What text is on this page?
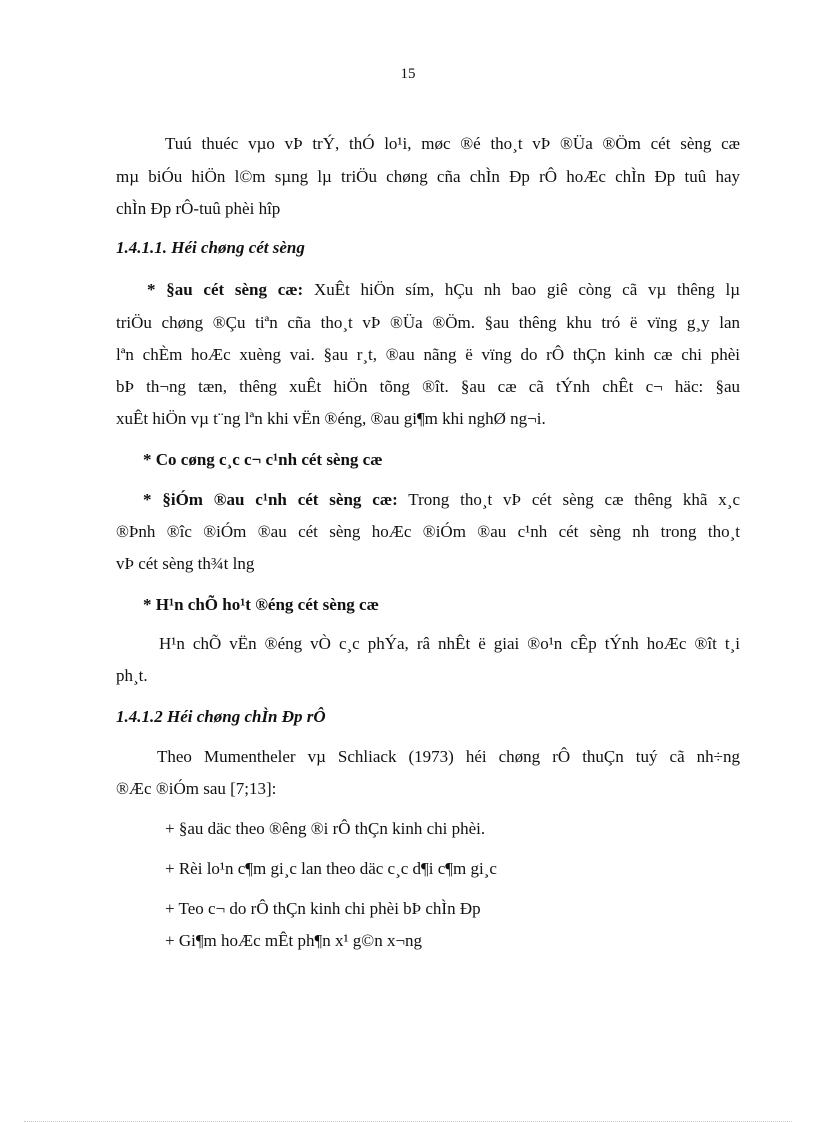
15
Tuú thuéc vµo vÞ trÝ, thÓ lo¹i, møc ®é tho¸t vÞ ®Üa ®Öm cét sèng cæ
mµ biÓu hiÖn l©m sµng lµ triÖu chøng cña chÌn Ðp rÔ hoÆc chÌn Ðp tuû hay
chÌn Ðp rÔ-tuû phèi hîp
1.4.1.1. Héi chøng cét sèng
* §au cét sèng cæ: XuÊt hiÖn sím, hÇu nh bao giê còng cã vµ thêng lµ
triÖu chøng ®Çu tiªn cña tho¸t vÞ ®Üa ®Öm. §au thêng khu tró ë vïng g¸y lan
lªn chÈm hoÆc xuèng vai. §au r¸t, ®au nãng ë vïng do rÔ thÇn kinh cæ chi phèi
bÞ th¬ng tæn, thêng xuÊt hiÖn tõng ®ît. §au cæ cã tÝnh chÊt c¬ häc: §au
xuÊt hiÖn vµ t¨ng lªn khi vËn ®éng, ®au gi¶m khi nghØ ng¬i.
* Co cøng c¸c c¬ c¹nh cét sèng cæ
* §iÓm ®au c¹nh cét sèng cæ: Trong tho¸t vÞ cét sèng cæ thêng khã x¸c
®Þnh ®îc ®iÓm ®au cét sèng hoÆc ®iÓm ®au c¹nh cét sèng nh trong tho¸t
vÞ cét sèng th¾t lng
* H¹n chÕ ho¹t ®éng cét sèng cæ
H¹n chÕ vËn ®éng vÒ c¸c phÝa, râ nhÊt ë giai ®o¹n cÊp tÝnh hoÆc ®ît t¸i
ph¸t.
1.4.1.2 Héi chøng chÌn Ðp rÔ
Theo Mumentheler vµ Schliack (1973) héi chøng rÔ thuÇn tuý cã nh÷ng
®Æc ®iÓm sau [7;13]:
+ §au däc theo ®êng ®i rÔ thÇn kinh chi phèi.
+ Rèi lo¹n c¶m gi¸c lan theo däc c¸c d¶i c¶m gi¸c
+ Teo c¬ do rÔ thÇn kinh chi phèi bÞ chÌn Ðp
+ Gi¶m hoÆc mÊt ph¶n x¹ g©n x¬ng
